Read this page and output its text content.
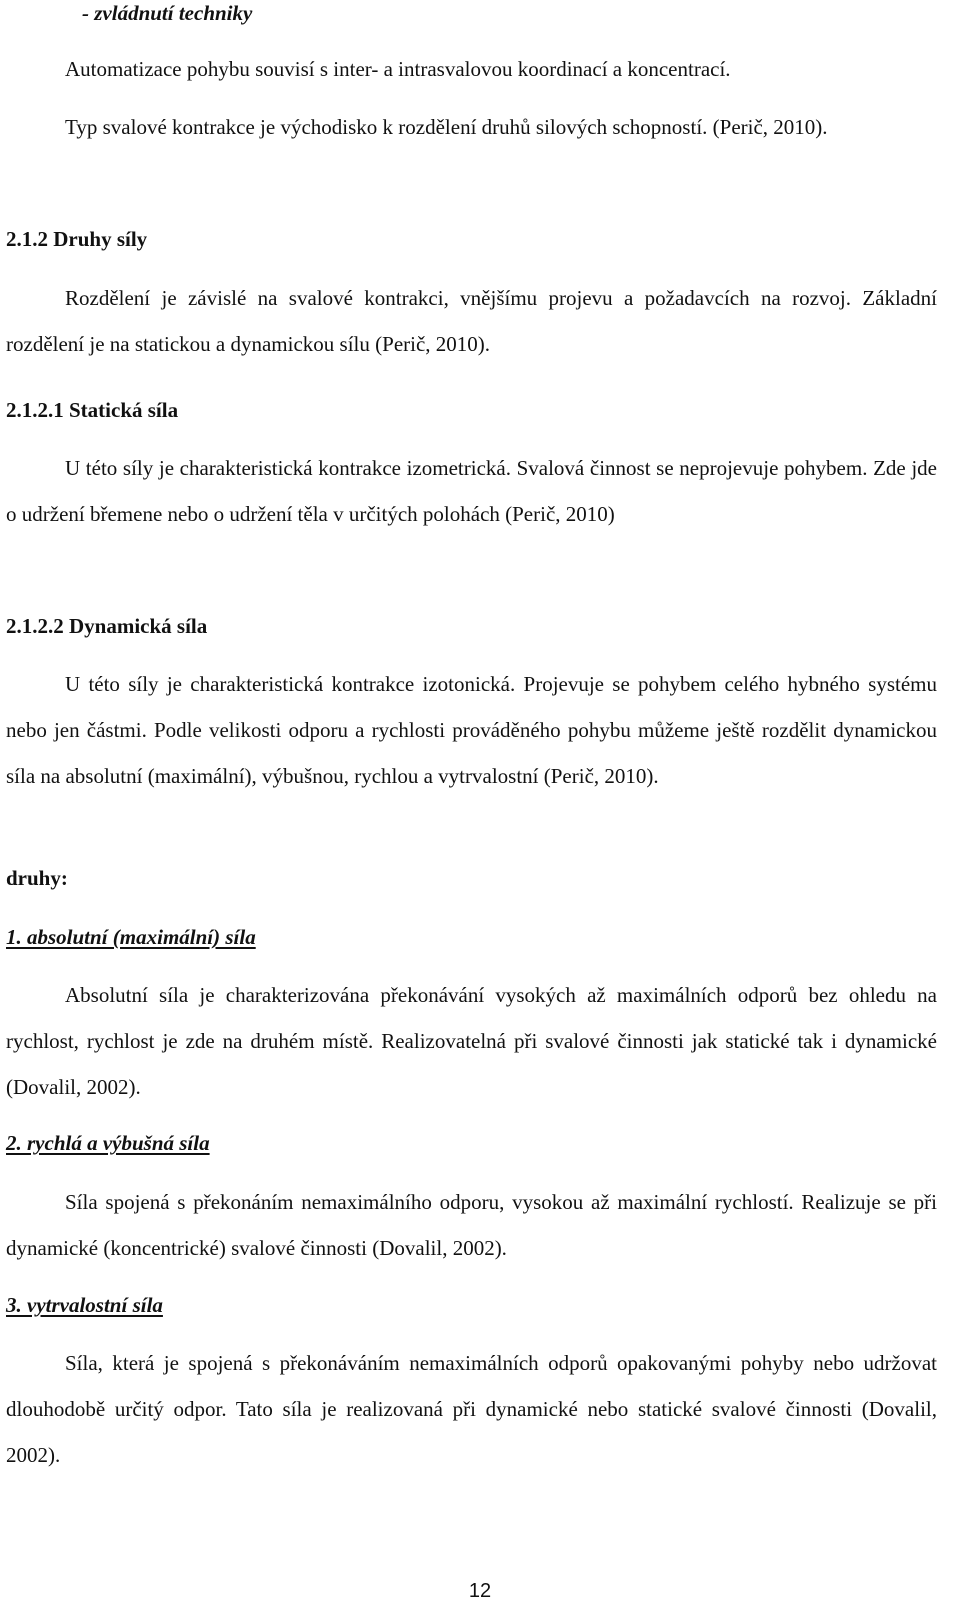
- zvládnutí techniky

Automatizace pohybu souvisí s inter- a intrasvalovou koordinací a koncentrací.

Typ svalové kontrakce je východisko k rozdělení druhů silových schopností. (Perič, 2010).

2.1.2 Druhy síly

Rozdělení je závislé na svalové kontrakci, vnějšímu projevu a požadavcích na rozvoj. Základní rozdělení je na statickou a dynamickou sílu (Perič, 2010).

2.1.2.1 Statická síla

U této síly je charakteristická kontrakce izometrická. Svalová činnost se neprojevuje pohybem. Zde jde o udržení břemene nebo o udržení těla v určitých polohách (Perič, 2010)

2.1.2.2 Dynamická síla

U této síly je charakteristická kontrakce izotonická. Projevuje se pohybem celého hybného systému nebo jen částmi. Podle velikosti odporu a rychlosti prováděného pohybu můžeme ještě rozdělit dynamickou síla na absolutní (maximální), výbušnou, rychlou a vytrvalostní (Perič, 2010).

druhy:
1. absolutní (maximální) síla

Absolutní síla je charakterizována překonávání vysokých až maximálních odporů bez ohledu na rychlost, rychlost je zde na druhém místě. Realizovatelná při svalové činnosti jak statické tak i dynamické (Dovalil, 2002).

2. rychlá a výbušná síla

Síla spojená s překonáním nemaximálního odporu, vysokou až maximální rychlostí. Realizuje se při dynamické (koncentrické) svalové činnosti (Dovalil, 2002).

3. vytrvalostní síla

Síla, která je spojená s překonáváním nemaximálních odporů opakovanými pohyby nebo udržovat dlouhodobě určitý odpor. Tato síla je realizovaná při dynamické nebo statické svalové činnosti (Dovalil, 2002).

12
